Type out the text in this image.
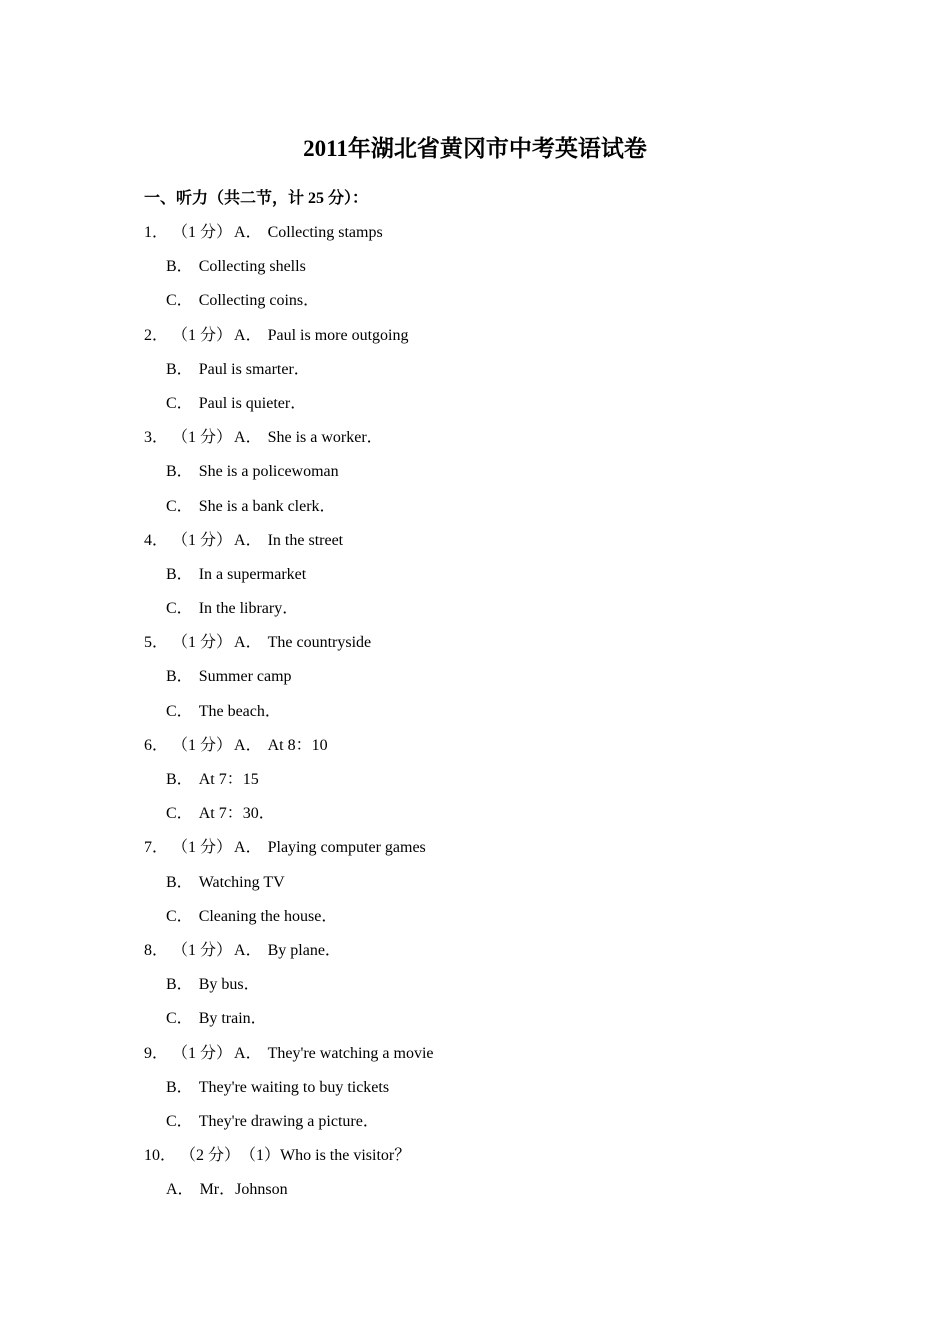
2011年湖北省黄冈市中考英语试卷
一、听力（共二节，计 25 分）：
1． （1 分） A． Collecting stamps
B． Collecting shells
C． Collecting coins．
2． （1 分） A． Paul is more outgoing
B． Paul is smarter．
C． Paul is quieter．
3． （1 分） A． She is a worker．
B． She is a policewoman
C． She is a bank clerk．
4． （1 分） A． In the street
B． In a supermarket
C． In the library．
5． （1 分） A． The countryside
B． Summer camp
C． The beach．
6． （1 分） A． At 8：10
B． At 7：15
C． At 7：30．
7． （1 分） A． Playing computer games
B． Watching TV
C． Cleaning the house．
8． （1 分） A． By plane．
B． By bus．
C． By train．
9． （1 分） A． They're watching a movie
B． They're waiting to buy tickets
C． They're drawing a picture．
10． （2 分）（1）Who is the visitor？
A． Mr．Johnson
